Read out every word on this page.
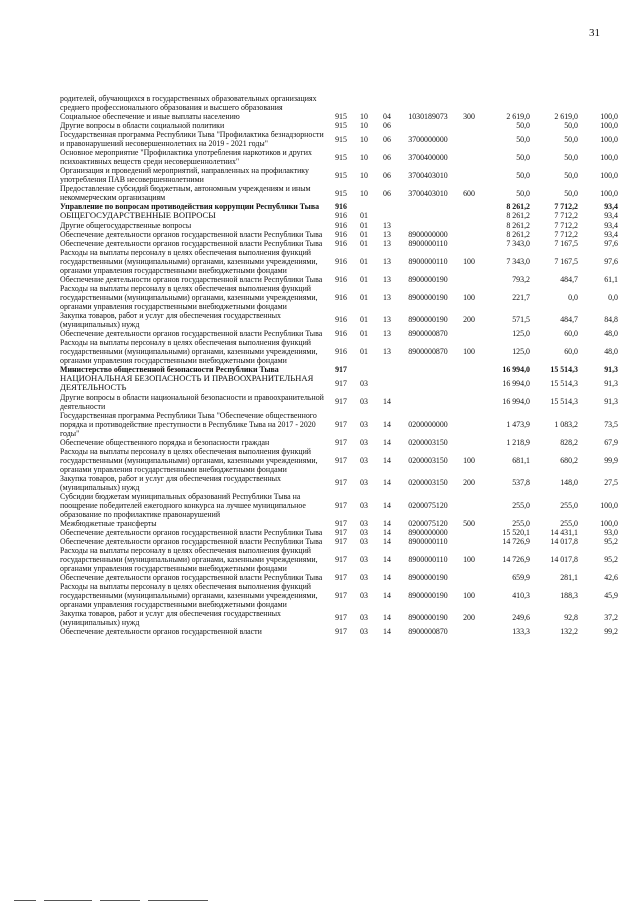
31
родителей, обучающихся в государственных образовательных организациях среднего профессионального образования и высшего образования								
Социальное обеспечение и иные выплаты населению	915	10	04	1030189073	300	2 619,0	2 619,0	100,0
Другие вопросы в области социальной политики	915	10	06			50,0	50,0	100,0
Государственная программа Республики Тыва "Профилактика безнадзорности и правонарушений несовершеннолетних на 2019 - 2021 годы"	915	10	06	3700000000		50,0	50,0	100,0
Основное мероприятие "Профилактика употребления наркотиков и других психоактивных веществ среди несовершеннолетних"	915	10	06	3700400000		50,0	50,0	100,0
Организация и проведений мероприятий, направленных на профилактику употребления ПАВ несовершеннолетними	915	10	06	3700403010		50,0	50,0	100,0
Предоставление субсидий бюджетным, автономным учреждениям и иным некоммерческим организациям	915	10	06	3700403010	600	50,0	50,0	100,0
Управление по вопросам противодействия коррупции Республики Тыва	916					8 261,2	7 712,2	93,4
ОБЩЕГОСУДАРСТВЕННЫЕ ВОПРОСЫ	916	01				8 261,2	7 712,2	93,4
Другие общегосударственные вопросы	916	01	13			8 261,2	7 712,2	93,4
Обеспечение деятельности органов государственной власти Республики Тыва	916	01	13	8900000000		8 261,2	7 712,2	93,4
Обеспечение деятельности органов государственной власти Республики Тыва	916	01	13	8900000110		7 343,0	7 167,5	97,6
Расходы на выплаты персоналу в целях обеспечения выполнения функций государственными (муниципальными) органами, казенными учреждениями, органами управления государственными внебюджетными фондами	916	01	13	8900000110	100	7 343,0	7 167,5	97,6
Обеспечение деятельности органов государственной власти Республики Тыва	916	01	13	8900000190		793,2	484,7	61,1
Расходы на выплаты персоналу в целях обеспечения выполнения функций государственными (муниципальными) органами, казенными учреждениями, органами управления государственными внебюджетными фондами	916	01	13	8900000190	100	221,7	0,0	0,0
Закупка товаров, работ и услуг для обеспечения государственных (муниципальных) нужд	916	01	13	8900000190	200	571,5	484,7	84,8
Обеспечение деятельности органов государственной власти Республики Тыва	916	01	13	8900000870		125,0	60,0	48,0
Расходы на выплаты персоналу в целях обеспечения выполнения функций государственными (муниципальными) органами, казенными учреждениями, органами управления государственными внебюджетными фондами	916	01	13	8900000870	100	125,0	60,0	48,0
Министерство общественной безопасности Республики Тыва	917					16 994,0	15 514,3	91,3
НАЦИОНАЛЬНАЯ БЕЗОПАСНОСТЬ И ПРАВООХРАНИТЕЛЬНАЯ ДЕЯТЕЛЬНОСТЬ	917	03				16 994,0	15 514,3	91,3
Другие вопросы в области национальной безопасности и правоохранительной деятельности	917	03	14			16 994,0	15 514,3	91,3
Государственная программа Республики Тыва "Обеспечение общественного порядка и противодействие преступности в Республике Тыва на 2017 - 2020 годы"	917	03	14	0200000000		1 473,9	1 083,2	73,5
Обеспечение общественного порядка и безопасности граждан	917	03	14	0200003150		1 218,9	828,2	67,9
Расходы на выплаты персоналу в целях обеспечения выполнения функций государственными (муниципальными) органами, казенными учреждениями, органами управления государственными внебюджетными фондами	917	03	14	0200003150	100	681,1	680,2	99,9
Закупка товаров, работ и услуг для обеспечения государственных (муниципальных) нужд	917	03	14	0200003150	200	537,8	148,0	27,5
Субсидии бюджетам муниципальных образований Республики Тыва на поощрение победителей ежегодного конкурса на лучшее муниципальное образование по профилактике правонарушений	917	03	14	0200075120		255,0	255,0	100,0
Межбюджетные трансферты	917	03	14	0200075120	500	255,0	255,0	100,0
Обеспечение деятельности органов государственной власти Республики Тыва	917	03	14	8900000000		15 520,1	14 431,1	93,0
Обеспечение деятельности органов государственной власти Республики Тыва	917	03	14	8900000110		14 726,9	14 017,8	95,2
Расходы на выплаты персоналу в целях обеспечения выполнения функций государственными (муниципальными) органами, казенными учреждениями, органами управления государственными внебюджетными фондами	917	03	14	8900000110	100	14 726,9	14 017,8	95,2
Обеспечение деятельности органов государственной власти Республики Тыва	917	03	14	8900000190		659,9	281,1	42,6
Расходы на выплаты персоналу в целях обеспечения выполнения функций государственными (муниципальными) органами, казенными учреждениями, органами управления государственными внебюджетными фондами	917	03	14	8900000190	100	410,3	188,3	45,9
Закупка товаров, работ и услуг для обеспечения государственных (муниципальных) нужд	917	03	14	8900000190	200	249,6	92,8	37,2
Обеспечение деятельности органов государственной власти	917	03	14	8900000870		133,3	132,2	99,2
